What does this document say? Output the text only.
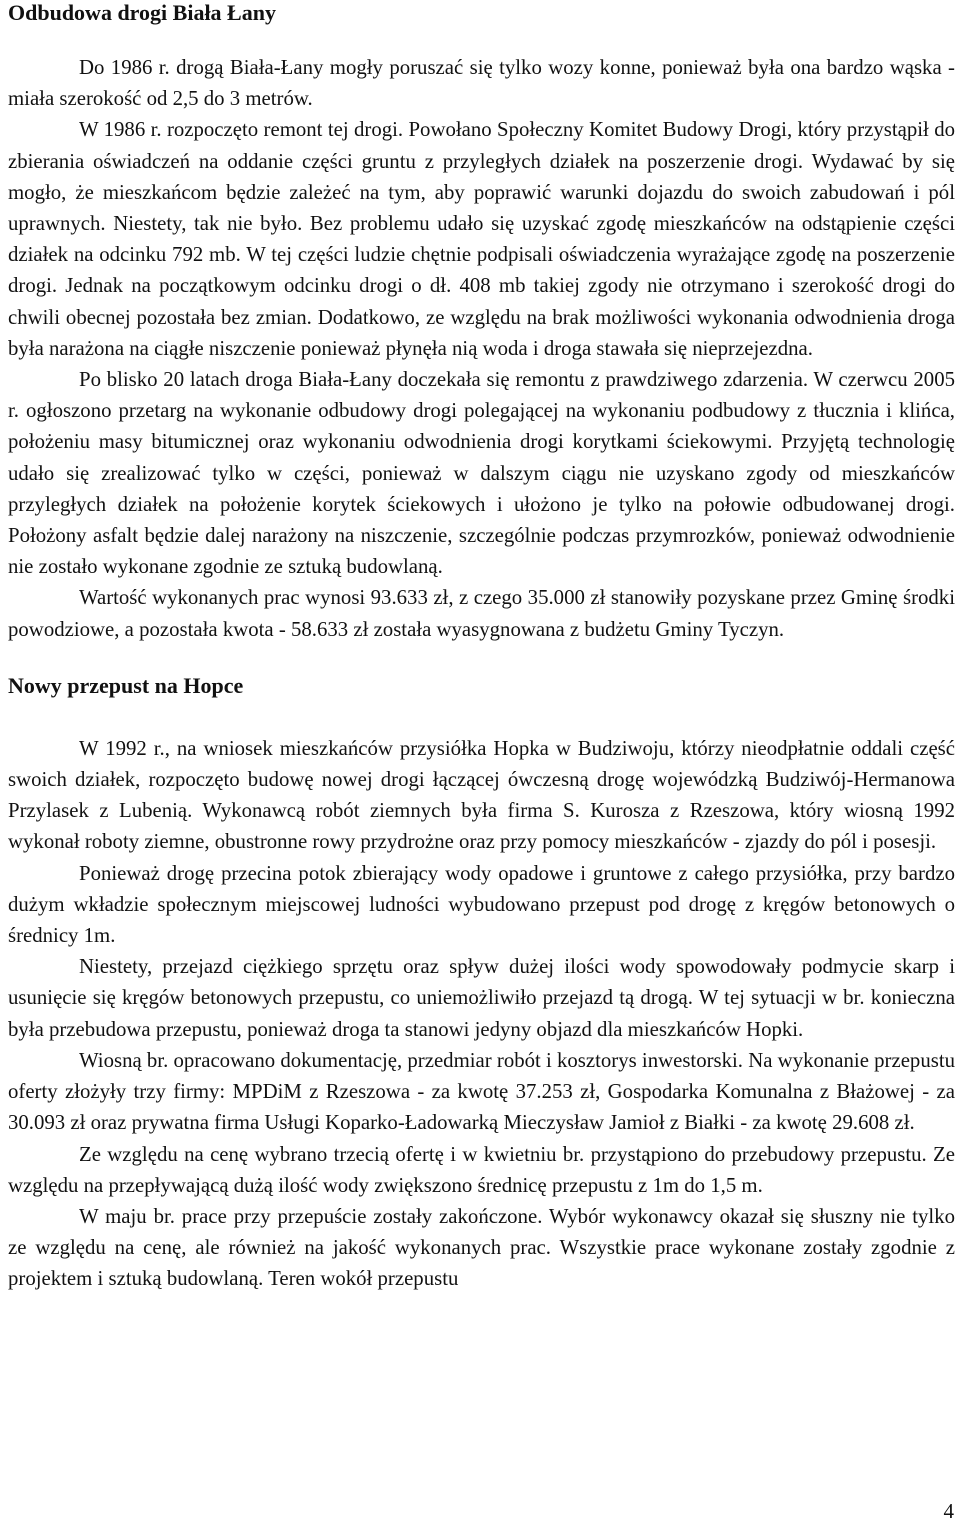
Odbudowa drogi Biała Łany

Do 1986 r. drogą Biała-Łany mogły poruszać się tylko wozy konne, ponieważ była ona bardzo wąska - miała szerokość od 2,5 do 3 metrów.

W 1986 r. rozpoczęto remont tej drogi. Powołano Społeczny Komitet Budowy Drogi, który przystąpił do zbierania oświadczeń na oddanie części gruntu z przyległych działek na poszerzenie drogi. Wydawać by się mogło, że mieszkańcom będzie zależeć na tym, aby poprawić warunki dojazdu do swoich zabudowań i pól uprawnych. Niestety, tak nie było. Bez problemu udało się uzyskać zgodę mieszkańców na odstąpienie części działek na odcinku 792 mb. W tej części ludzie chętnie podpisali oświadczenia wyrażające zgodę na poszerzenie drogi. Jednak na początkowym odcinku drogi o dł. 408 mb takiej zgody nie otrzymano i szerokość drogi do chwili obecnej pozostała bez zmian. Dodatkowo, ze względu na brak możliwości wykonania odwodnienia droga była narażona na ciągłe niszczenie ponieważ płynęła nią woda i droga stawała się nieprzejezdna.

Po blisko 20 latach droga Biała-Łany doczekała się remontu z prawdziwego zdarzenia. W czerwcu 2005 r. ogłoszono przetarg na wykonanie odbudowy drogi polegającej na wykonaniu podbudowy z tłucznia i klińca, położeniu masy bitumicznej oraz wykonaniu odwodnienia drogi korytkami ściekowymi. Przyjętą technologię udało się zrealizować tylko w części, ponieważ w dalszym ciągu nie uzyskano zgody od mieszkańców przyległych działek na położenie korytek ściekowych i ułożono je tylko na połowie odbudowanej drogi. Położony asfalt będzie dalej narażony na niszczenie, szczególnie podczas przymrozków, ponieważ odwodnienie nie zostało wykonane zgodnie ze sztuką budowlaną.

Wartość wykonanych prac wynosi 93.633 zł, z czego 35.000 zł stanowiły pozyskane przez Gminę środki powodziowe, a pozostała kwota - 58.633 zł została wyasygnowana z budżetu Gminy Tyczyn.

Nowy przepust na Hopce

W 1992 r., na wniosek mieszkańców przysiółka Hopka w Budziwoju, którzy nieodpłatnie oddali część swoich działek, rozpoczęto budowę nowej drogi łączącej ówczesną drogę wojewódzką Budziwój-Hermanowa Przylasek z Lubenią. Wykonawcą robót ziemnych była firma S. Kurosza z Rzeszowa, który wiosną 1992 wykonał roboty ziemne, obustronne rowy przydrożne oraz przy pomocy mieszkańców - zjazdy do pól i posesji.

Ponieważ drogę przecina potok zbierający wody opadowe i gruntowe z całego przysiółka, przy bardzo dużym wkładzie społecznym miejscowej ludności wybudowano przepust pod drogę z kręgów betonowych o średnicy 1m.

Niestety, przejazd ciężkiego sprzętu oraz spływ dużej ilości wody spowodowały podmycie skarp i usunięcie się kręgów betonowych przepustu, co uniemożliwiło przejazd tą drogą. W tej sytuacji w br. konieczna była przebudowa przepustu, ponieważ droga ta stanowi jedyny objazd dla mieszkańców Hopki.

Wiosną br. opracowano dokumentację, przedmiar robót i kosztorys inwestorski. Na wykonanie przepustu oferty złożyły trzy firmy: MPDiM z Rzeszowa - za kwotę 37.253 zł, Gospodarka Komunalna z Błażowej - za 30.093 zł oraz prywatna firma Usługi Koparko-Ładowarką Mieczysław Jamioł z Białki - za kwotę 29.608 zł.

Ze względu na cenę wybrano trzecią ofertę i w kwietniu br. przystąpiono do przebudowy przepustu. Ze względu na przepływającą dużą ilość wody zwiększono średnicę przepustu z 1m do 1,5 m.

W maju br. prace przy przepuście zostały zakończone. Wybór wykonawcy okazał się słuszny nie tylko ze względu na cenę, ale również na jakość wykonanych prac. Wszystkie prace wykonane zostały zgodnie z projektem i sztuką budowlaną. Teren wokół przepustu

4
